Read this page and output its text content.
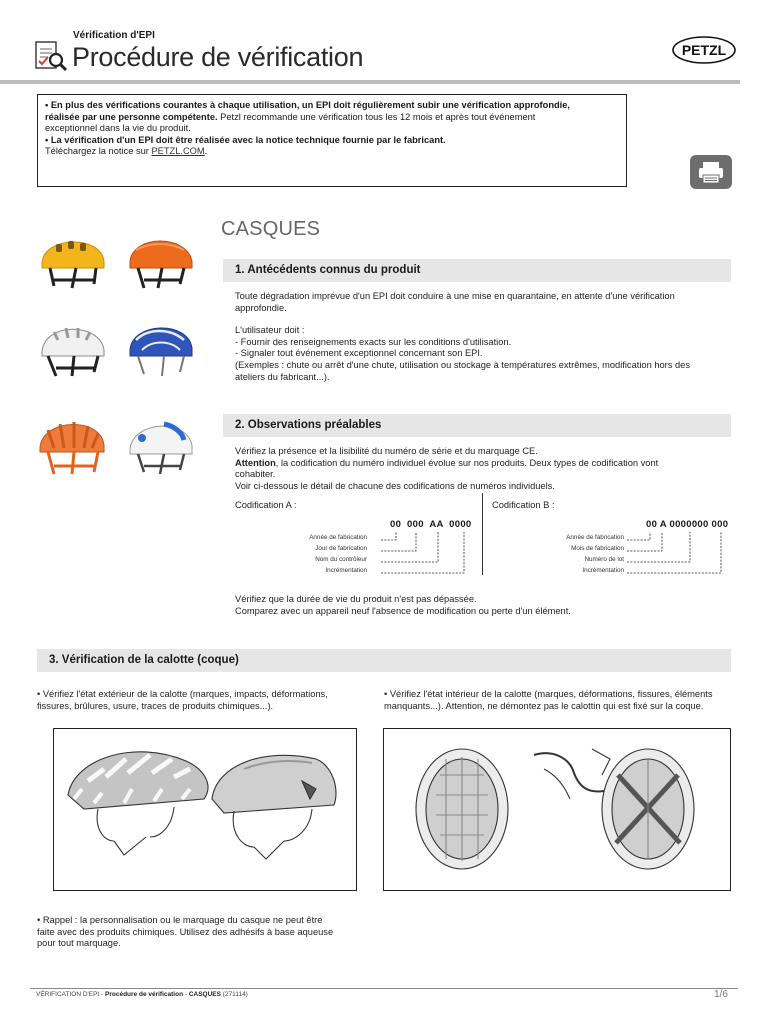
Vérification d'EPI
Procédure de vérification	PETZL

• En plus des vérifications courantes à chaque utilisation, un EPI doit régulièrement subir une vérification approfondie,

réalisée par une personne compétente. Petzl recommande une vérification tous les 12 mois et après tout événement

exceptionnel dans la vie du produit.

• La vérification d'un EPI doit être réalisée avec la notice technique fournie par le fabricant.

Téléchargez la notice sur PETZL.COM.

CASQUES
1. Antécédents connus du produit

Toute dégradation imprévue d'un EPI doit conduire à une mise en quarantaine, en attente d'une vérification

approfondie.

L'utilisateur doit :

- Fournir des renseignements exacts sur les conditions d'utilisation.

- Signaler tout événement exceptionnel concernant son EPI.

(Exemples : chute ou arrêt d'une chute, utilisation ou stockage à températures extrêmes, modification hors des

ateliers du fabricant...).

2. Observations préalables

Vérifiez la présence et la lisibilité du numéro de série et du marquage CE.

Attention, la codification du numéro individuel évolue sur nos produits. Deux types de codification vont

cohabiter.

Voir ci-dessous le détail de chacune des codifications de numéros individuels.

Codification A :
00  000  AA  0000
Année de fabrication
Jour de fabrication
Nom du contrôleur
Incrémentation
Codification B :
00 A 0000000 000
Année de fabrication
Mois de fabrication
Numéro de lot
Incrémentation

Vérifiez que la durée de vie du produit n'est pas dépassée.

Comparez avec un appareil neuf l'absence de modification ou perte d'un élément.

3. Vérification de la calotte (coque)

• Vérifiez l'état extérieur de la calotte (marques, impacts, déformations,

fissures, brûlures, usure, traces de produits chimiques...).

• Vérifiez l'état intérieur de la calotte (marques, déformations, fissures, éléments

manquants...). Attention, ne démontez pas le calottin qui est fixé sur la coque.

• Rappel : la personnalisation ou le marquage du casque ne peut être

faite avec des produits chimiques. Utilisez des adhésifs à base aqueuse

pour tout marquage.

VÉRIFICATION D'EPI - Procédure de vérification - CASQUES (271114)	1/6
